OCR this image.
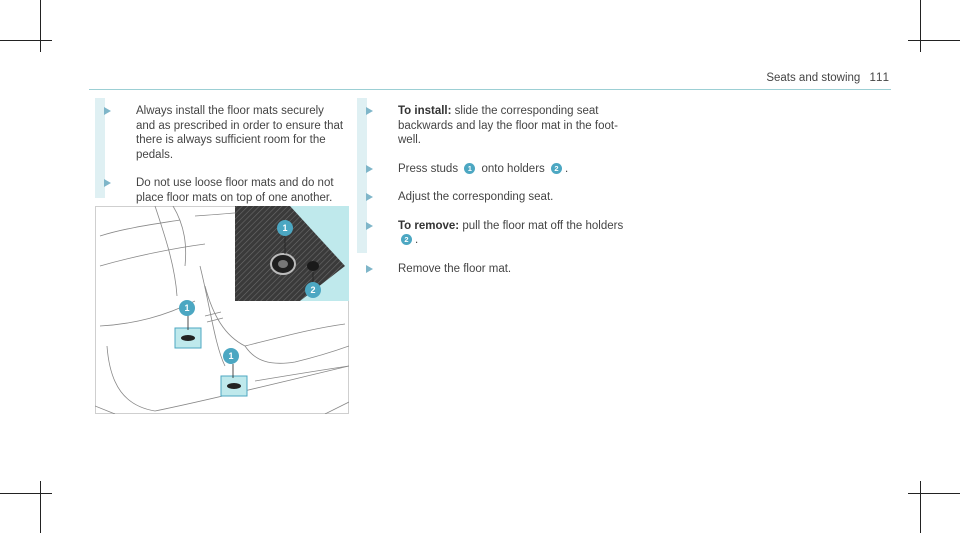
Seats and stowing 111
Always install the floor mats securely and as prescribed in order to ensure that there is always sufficient room for the pedals.
Do not use loose floor mats and do not place floor mats on top of one another.
To install: slide the corresponding seat backwards and lay the floor mat in the foot-well.
Press studs 1 onto holders 2 .
Adjust the corresponding seat.
To remove: pull the floor mat off the holders 2 .
Remove the floor mat.
1
1
1
2
